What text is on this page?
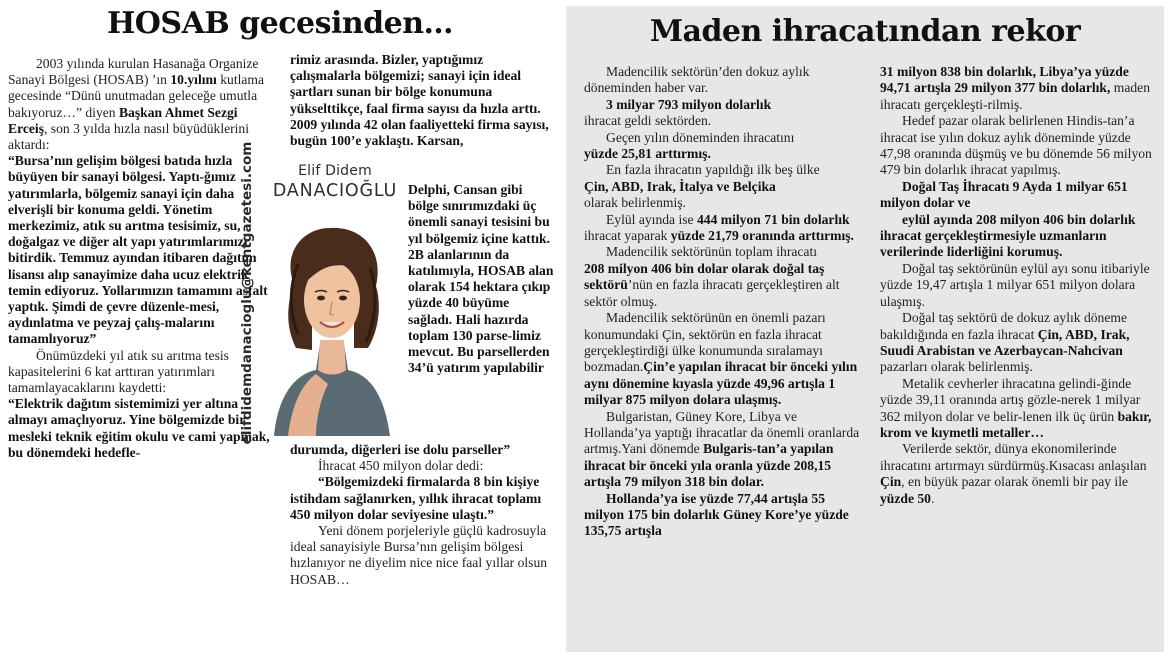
HOSAB gecesinden…

2003 yılında kurulan Hasanağa Organize Sanayi Bölgesi (HOSAB) ’ın 10.yılını kutlama gecesinde “Dünü unutmadan geleceğe umutla bakıyoruz…” diyen Başkan Ahmet Sezgi Erceiş, son 3 yılda hızla nasıl büyüdüklerini aktardı:

“Bursa’nın gelişim bölgesi batıda hızla büyüyen bir sanayi bölgesi. Yaptı-ğımız yatırımlarla, bölgemiz sanayi için daha elverişli bir konuma geldi. Yönetim merkezimiz, atık su arıtma tesisimiz, su, doğalgaz ve diğer alt yapı yatırımlarımızı bitirdik. Temmuz ayından itibaren dağıtım lisansı alıp sanayimize daha ucuz elektrik temin ediyoruz. Yollarımızın tamamını asfalt yaptık. Şimdi de çevre düzenle-mesi, aydınlatma ve peyzaj çalış-malarını tamamlıyoruz”

Önümüzdeki yıl atık su arıtma tesis kapasitelerini 6 kat arttıran yatırımları tamamlayacaklarını kaydetti:

“Elektrik dağıtım sistemimizi yer altına almayı amaçlıyoruz. Yine bölgemizde bir mesleki teknik eğitim okulu ve cami yapmak, bu dönemdeki hedefle-

rimiz arasında. Bizler, yaptığımız çalışmalarla bölgemizi; sanayi için ideal şartları sunan bir bölge konumuna yükselttikçe, faal firma sayısı da hızla arttı. 2009 yılında 42 olan faaliyetteki firma sayısı, bugün 100’e yaklaştı. Karsan,

elifdidemdanacioglu@kentgazetesi.com	Elif Didem
DANACIOĞLU Delphi, Cansan gibi bölge sınırımızdaki üç önemli sanayi tesisini bu yıl bölgemiz içine kattık. 2B alanlarının da katılımıyla, HOSAB alan olarak 154 hektara çıkıp yüzde 40 büyüme sağladı. Hali hazırda toplam 130 parse-limiz mevcut. Bu parsellerden 34’ü yatırım yapılabilir

durumda, diğerleri ise dolu parseller”

İhracat 450 milyon dolar dedi:

“Bölgemizdeki firmalarda 8 bin kişiye istihdam sağlanırken, yıllık ihracat toplamı 450 milyon dolar seviyesine ulaştı.”

Yeni dönem porjeleriyle güçlü kadrosuyla ideal sanayisiyle Bursa’nın gelişim bölgesi hızlanıyor ne diyelim nice nice faal yıllar olsun HOSAB…

Maden ihracatından rekor

Madencilik sektörün’den dokuz aylık döneminden haber var.

3 milyar 793 milyon dolarlık

ihracat geldi sektörden.

Geçen yılın döneminden ihracatını

yüzde 25,81 arttırmış.

En fazla ihracatın yapıldığı ilk beş ülke

Çin, ABD, Irak, İtalya ve Belçika

olarak belirlenmiş.

Eylül ayında ise 444 milyon 71 bin dolarlık ihracat yaparak yüzde 21,79 oranında arttırmış.

Madencilik sektörünün toplam ihracatı

208 milyon 406 bin dolar olarak doğal taş sektörü’nün en fazla ihracatı gerçekleştiren alt sektör olmuş.

Madencilik sektörünün en önemli pazarı konumundaki Çin, sektörün en fazla ihracat gerçekleştirdiği ülke konumunda sıralamayı bozmadan.Çin’e yapılan ihracat bir önceki yılın aynı dönemine kıyasla yüzde 49,96 artışla 1 milyar 875 milyon dolara ulaşmış.

Bulgaristan, Güney Kore, Libya ve Hollanda’ya yaptığı ihracatlar da önemli oranlarda artmış.Yani dönemde Bulgaris-tan’a yapılan ihracat bir önceki yıla oranla yüzde 208,15 artışla 79 milyon 318 bin dolar.

Hollanda’ya ise yüzde 77,44 artışla 55 milyon 175 bin dolarlık Güney Kore’ye yüzde 135,75 artışla

31 milyon 838 bin dolarlık, Libya’ya yüzde 94,71 artışla 29 milyon 377 bin dolarlık, maden ihracatı gerçekleşti-rilmiş.

Hedef pazar olarak belirlenen Hindis-tan’a ihracat ise yılın dokuz aylık döneminde yüzde 47,98 oranında düşmüş ve bu dönemde 56 milyon 479 bin dolarlık ihracat yapılmış.

Doğal Taş İhracatı 9 Ayda 1 milyar 651 milyon dolar ve

eylül ayında 208 milyon 406 bin dolarlık ihracat gerçekleştirmesiyle uzmanların verilerinde liderliğini korumuş.

Doğal taş sektörünün eylül ayı sonu itibariyle yüzde 19,47 artışla 1 milyar 651 milyon dolara ulaşmış.

Doğal taş sektörü de dokuz aylık döneme bakıldığında en fazla ihracat Çin, ABD, Irak, Suudi Arabistan ve Azerbaycan-Nahcivan pazarları olarak belirlenmiş.

Metalik cevherler ihracatına gelindi-ğinde yüzde 39,11 oranında artış gözle-nerek 1 milyar 362 milyon dolar ve belir-lenen ilk üç ürün bakır, krom ve kıymetli metaller…

Verilerde sektör, dünya ekonomilerinde ihracatını artırmayı sürdürmüş.Kısacası anlaşılan Çin, en büyük pazar olarak önemli bir pay ile yüzde 50.
